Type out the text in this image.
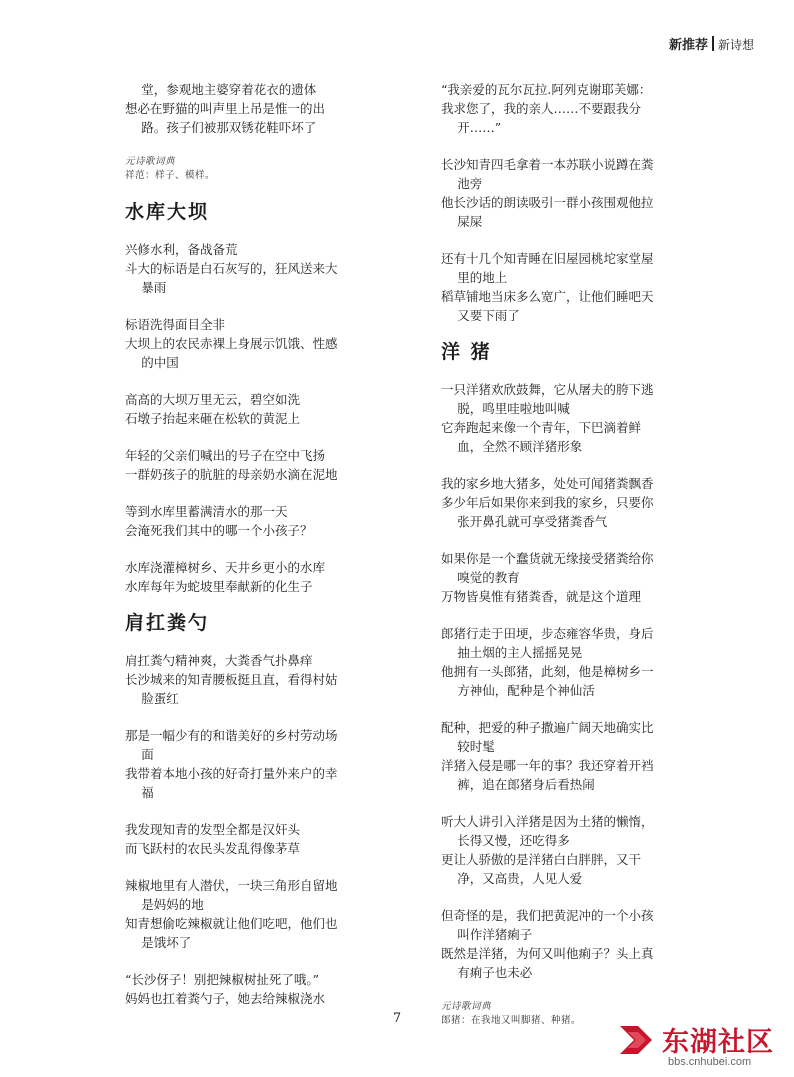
新推荐 新诗想
堂，参观地主婆穿着花衣的遗体
想必在野猫的叫声里上吊是惟一的出
路。孩子们被那双锈花鞋吓坏了
元诗歌词典
祥范：样子、模样。
水库大坝
兴修水利，备战备荒
斗大的标语是白石灰写的，狂风送来大
暴雨
标语洗得面目全非
大坝上的农民赤裸上身展示饥饿、性感
的中国
高高的大坝万里无云，碧空如洗
石墩子抬起来砸在松软的黄泥上
年轻的父亲们喊出的号子在空中飞扬
一群奶孩子的肮脏的母亲奶水滴在泥地
等到水库里蓄满清水的那一天
会淹死我们其中的哪一个小孩子？
水库浇灌樟树乡、天井乡更小的水库
水库每年为蛇坡里奉献新的化生子
肩扛粪勺
肩扛粪勺精神爽，大粪香气扑鼻痒
长沙城来的知青腰板挺且直，看得村姑
脸蛋红
那是一幅少有的和谐美好的乡村劳动场
面
我带着本地小孩的好奇打量外来户的幸
福
我发现知青的发型全都是汉奸头
而飞跃村的农民头发乱得像茅草
辣椒地里有人潜伏，一块三角形自留地
是妈妈的地
知青想偷吃辣椒就让他们吃吧，他们也
是饿坏了
“长沙伢子！别把辣椒树扯死了哦。”
妈妈也扛着粪勺子，她去给辣椒浇水
“我亲爱的瓦尔瓦拉.阿列克谢耶芙娜：
我求您了，我的亲人……不要跟我分
开……”
长沙知青四毛拿着一本苏联小说蹲在粪
池旁
他长沙话的朗读吸引一群小孩围观他拉
屎屎
还有十几个知青睡在旧屋园桃坨家堂屋
里的地上
稻草铺地当床多么宽广，让他们睡吧天
又要下雨了
洋 猪
一只洋猪欢欣鼓舞，它从屠夫的胯下逃
脱，鸣里哇啦地叫喊
它奔跑起来像一个青年，下巴滴着鲜
血，全然不顾洋猪形象
我的家乡地大猪多，处处可闻猪粪飘香
多少年后如果你来到我的家乡，只要你
张开鼻孔就可享受猪粪香气
如果你是一个蠢货就无缘接受猪粪给你
嗅觉的教育
万物皆臭惟有猪粪香，就是这个道理
郎猪行走于田埂，步态雍容华贵，身后
抽土烟的主人摇摇晃晃
他拥有一头郎猪，此刻，他是樟树乡一
方神仙，配种是个神仙活
配种，把爱的种子撒遍广阔天地确实比
较时髦
洋猪入侵是哪一年的事？我还穿着开裆
裤，追在郎猪身后看热闹
听大人讲引入洋猪是因为土猪的懒惰，
长得又慢，还吃得多
更让人骄傲的是洋猪白白胖胖，又干
净，又高贵，人见人爱
但奇怪的是，我们把黄泥冲的一个小孩
叫作洋猪痢子
既然是洋猪，为何又叫他痢子？头上真
有痢子也未必
元诗歌词典
郎猪：在我地又叫脚猪、种猪。
7
东湖社区
bbs.cnhubei.com
